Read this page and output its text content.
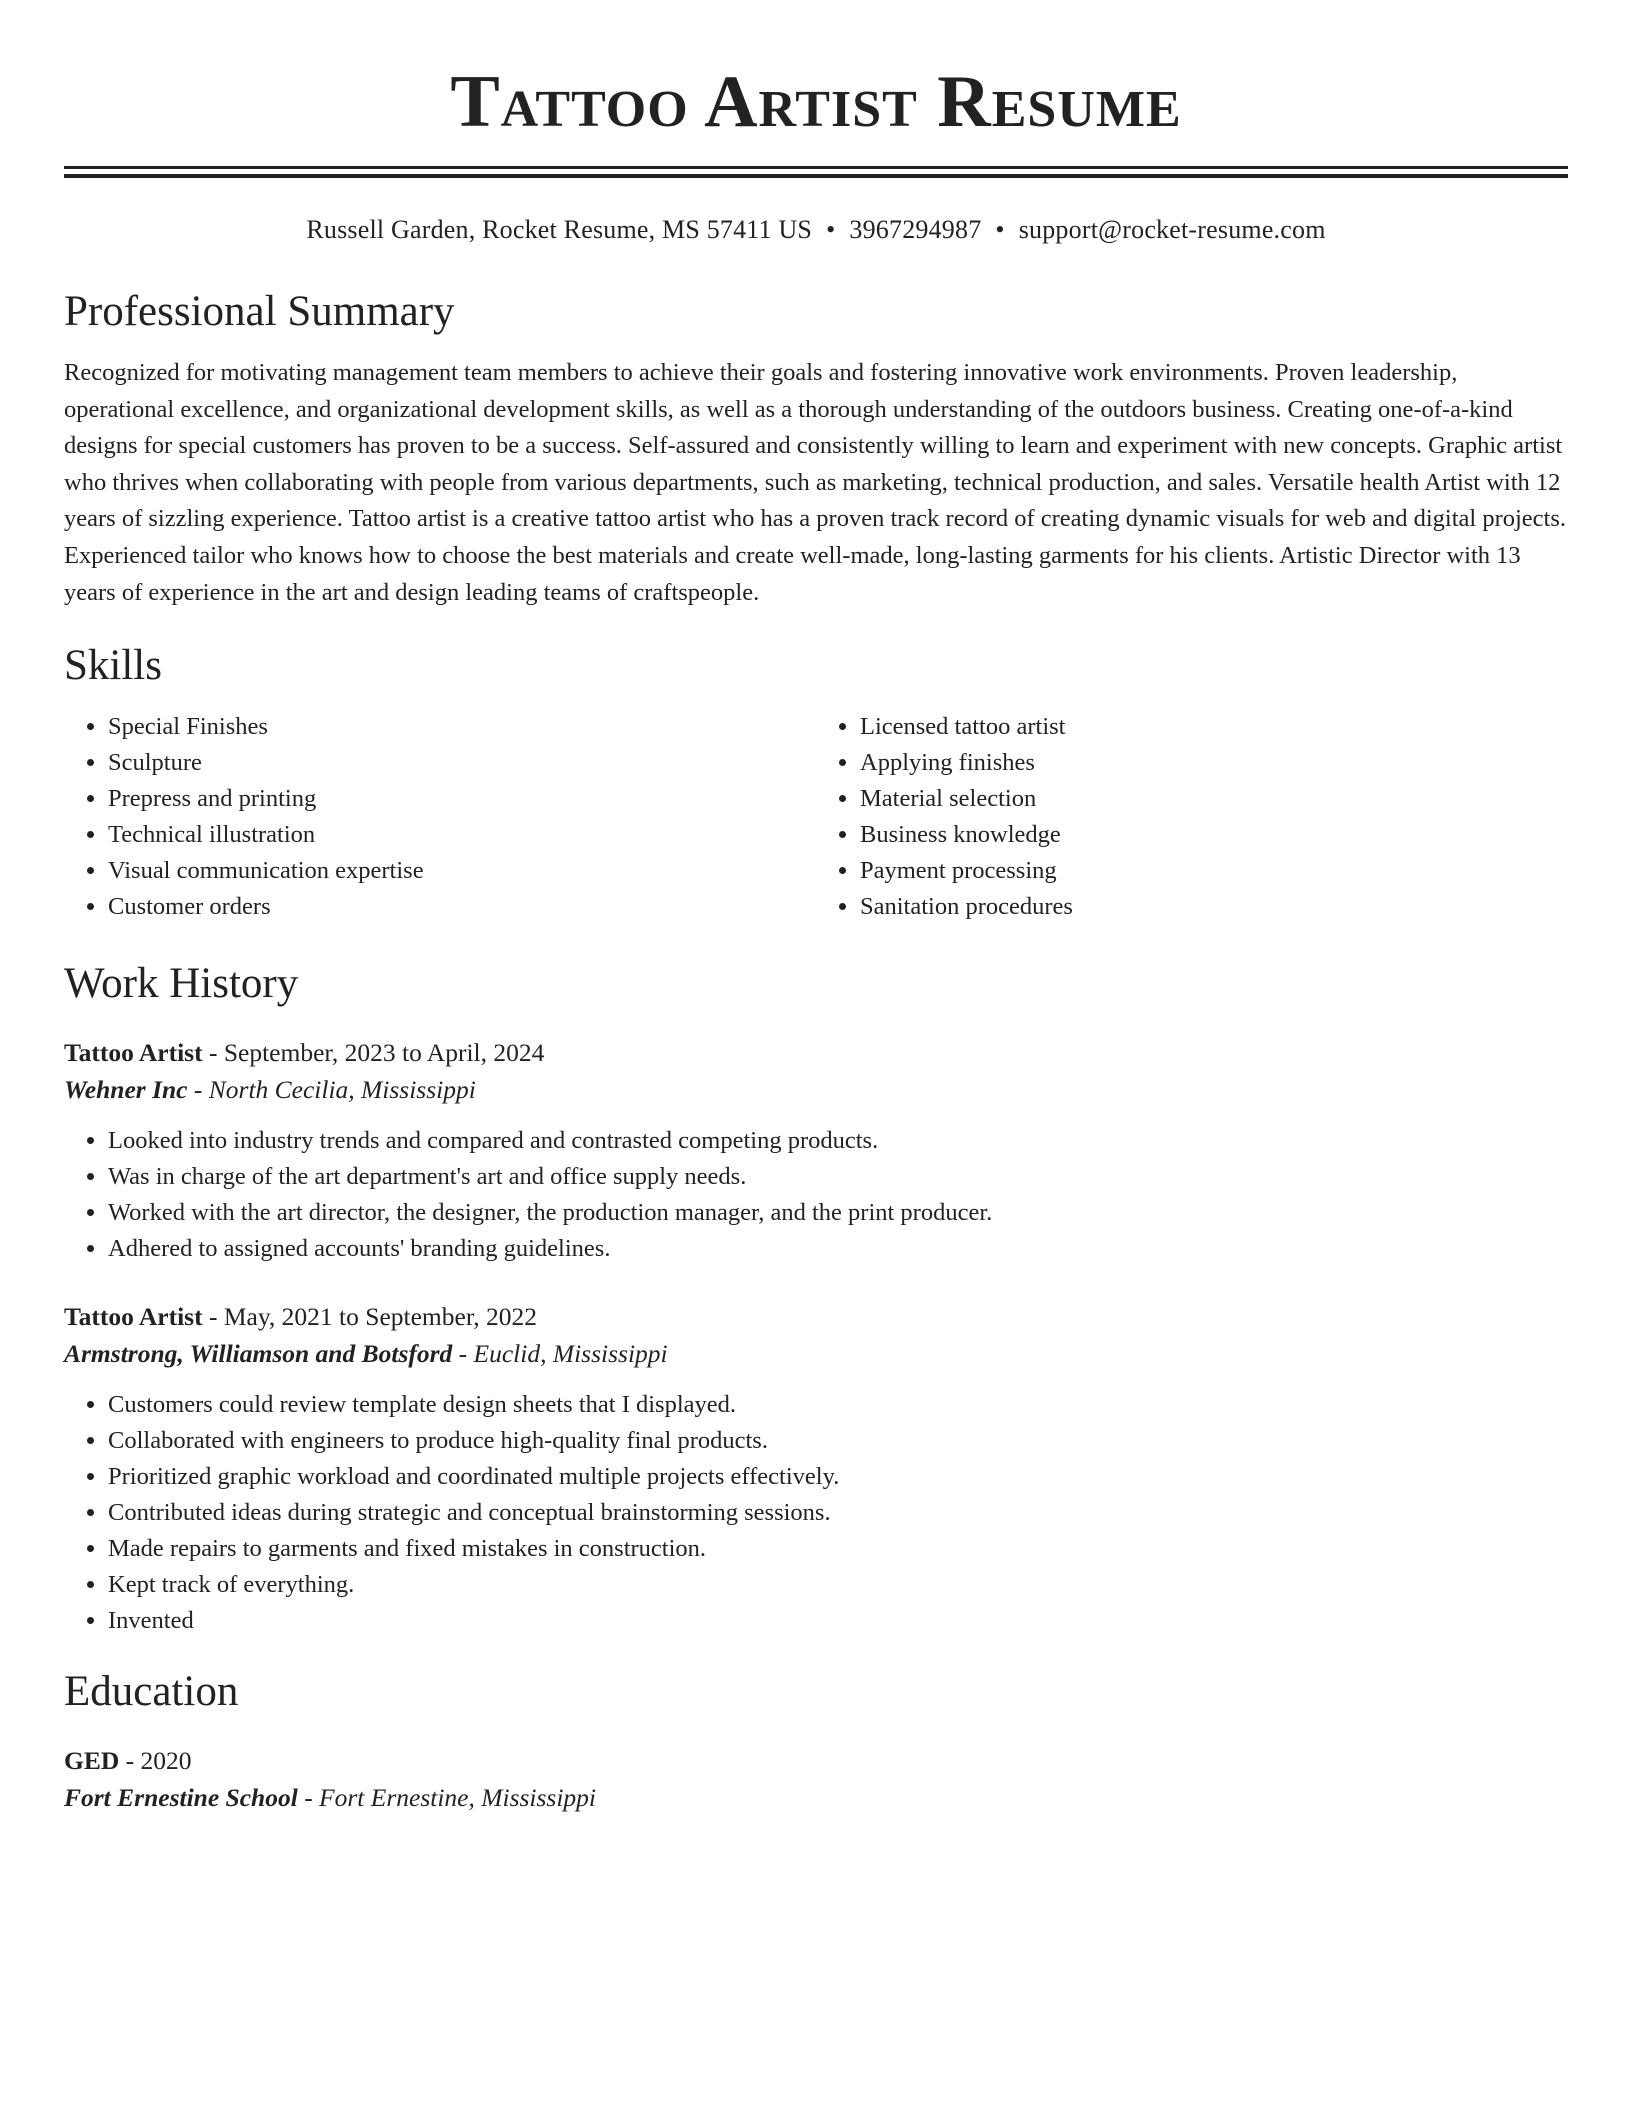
Tattoo Artist Resume
Russell Garden, Rocket Resume, MS 57411 US • 3967294987 • support@rocket-resume.com
Professional Summary

Recognized for motivating management team members to achieve their goals and fostering innovative work environments. Proven leadership, operational excellence, and organizational development skills, as well as a thorough understanding of the outdoors business. Creating one-of-a-kind designs for special customers has proven to be a success. Self-assured and consistently willing to learn and experiment with new concepts. Graphic artist who thrives when collaborating with people from various departments, such as marketing, technical production, and sales. Versatile health Artist with 12 years of sizzling experience. Tattoo artist is a creative tattoo artist who has a proven track record of creating dynamic visuals for web and digital projects. Experienced tailor who knows how to choose the best materials and create well-made, long-lasting garments for his clients. Artistic Director with 13 years of experience in the art and design leading teams of craftspeople.

Skills
• Special Finishes
• Sculpture
• Prepress and printing
• Technical illustration
• Visual communication expertise
• Customer orders
• Licensed tattoo artist
• Applying finishes
• Material selection
• Business knowledge
• Payment processing
• Sanitation procedures
Work History
Tattoo Artist - September, 2023 to April, 2024
Wehner Inc - North Cecilia, Mississippi
• Looked into industry trends and compared and contrasted competing products.
• Was in charge of the art department's art and office supply needs.
• Worked with the art director, the designer, the production manager, and the print producer.
• Adhered to assigned accounts' branding guidelines.
Tattoo Artist - May, 2021 to September, 2022
Armstrong, Williamson and Botsford - Euclid, Mississippi
• Customers could review template design sheets that I displayed.
• Collaborated with engineers to produce high-quality final products.
• Prioritized graphic workload and coordinated multiple projects effectively.
• Contributed ideas during strategic and conceptual brainstorming sessions.
• Made repairs to garments and fixed mistakes in construction.
• Kept track of everything.
• Invented
Education
GED - 2020
Fort Ernestine School - Fort Ernestine, Mississippi
